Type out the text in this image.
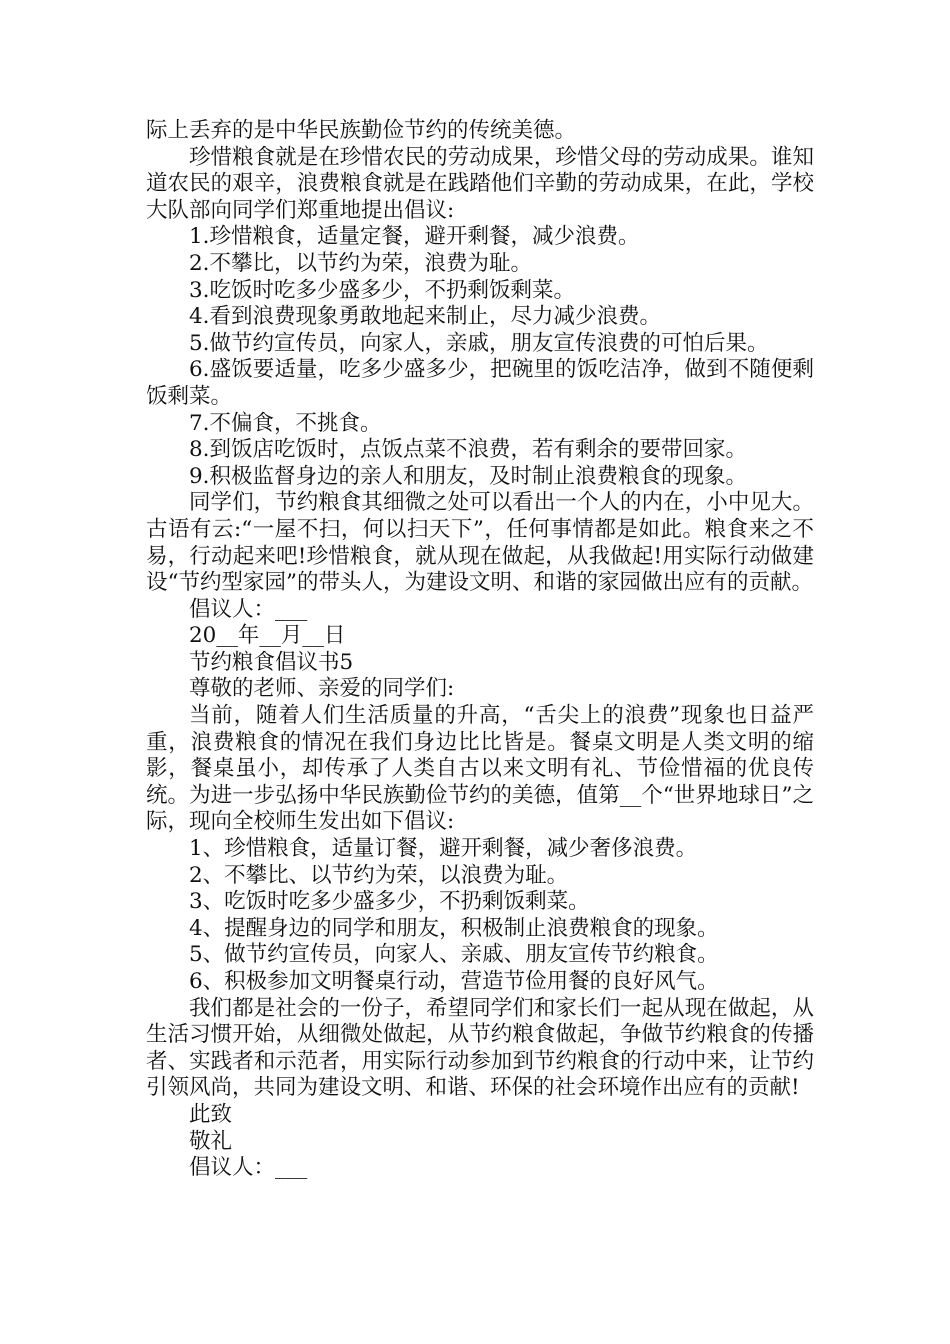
际上丢弃的是中华民族勤俭节约的传统美德。

珍惜粮食就是在珍惜农民的劳动成果，珍惜父母的劳动成果。谁知道农民的艰辛，浪费粮食就是在践踏他们辛勤的劳动成果，在此，学校大队部向同学们郑重地提出倡议:

1.珍惜粮食，适量定餐，避开剩餐，减少浪费。

2.不攀比，以节约为荣，浪费为耻。

3.吃饭时吃多少盛多少，不扔剩饭剩菜。

4.看到浪费现象勇敢地起来制止，尽力减少浪费。

5.做节约宣传员，向家人，亲戚，朋友宣传浪费的可怕后果。

6.盛饭要适量，吃多少盛多少，把碗里的饭吃洁净，做到不随便剩饭剩菜。

7.不偏食，不挑食。

8.到饭店吃饭时，点饭点菜不浪费，若有剩余的要带回家。

9.积极监督身边的亲人和朋友，及时制止浪费粮食的现象。

同学们，节约粮食其细微之处可以看出一个人的内在，小中见大。古语有云:“一屋不扫，何以扫天下”，任何事情都是如此。粮食来之不易，行动起来吧!珍惜粮食，就从现在做起，从我做起!用实际行动做建设“节约型家园”的带头人，为建设文明、和谐的家园做出应有的贡献。

倡议人：___

20__年__月__日

节约粮食倡议书5

尊敬的老师、亲爱的同学们:

当前，随着人们生活质量的升高，“舌尖上的浪费”现象也日益严重，浪费粮食的情况在我们身边比比皆是。餐桌文明是人类文明的缩影，餐桌虽小，却传承了人类自古以来文明有礼、节俭惜福的优良传统。为进一步弘扬中华民族勤俭节约的美德，值第__个“世界地球日”之际，现向全校师生发出如下倡议:

1、珍惜粮食，适量订餐，避开剩餐，减少奢侈浪费。

2、不攀比、以节约为荣，以浪费为耻。

3、吃饭时吃多少盛多少，不扔剩饭剩菜。

4、提醒身边的同学和朋友，积极制止浪费粮食的现象。

5、做节约宣传员，向家人、亲戚、朋友宣传节约粮食。

6、积极参加文明餐桌行动，营造节俭用餐的良好风气。

我们都是社会的一份子，希望同学们和家长们一起从现在做起，从生活习惯开始，从细微处做起，从节约粮食做起，争做节约粮食的传播者、实践者和示范者，用实际行动参加到节约粮食的行动中来，让节约引领风尚，共同为建设文明、和谐、环保的社会环境作出应有的贡献!

此致

敬礼

倡议人：___
